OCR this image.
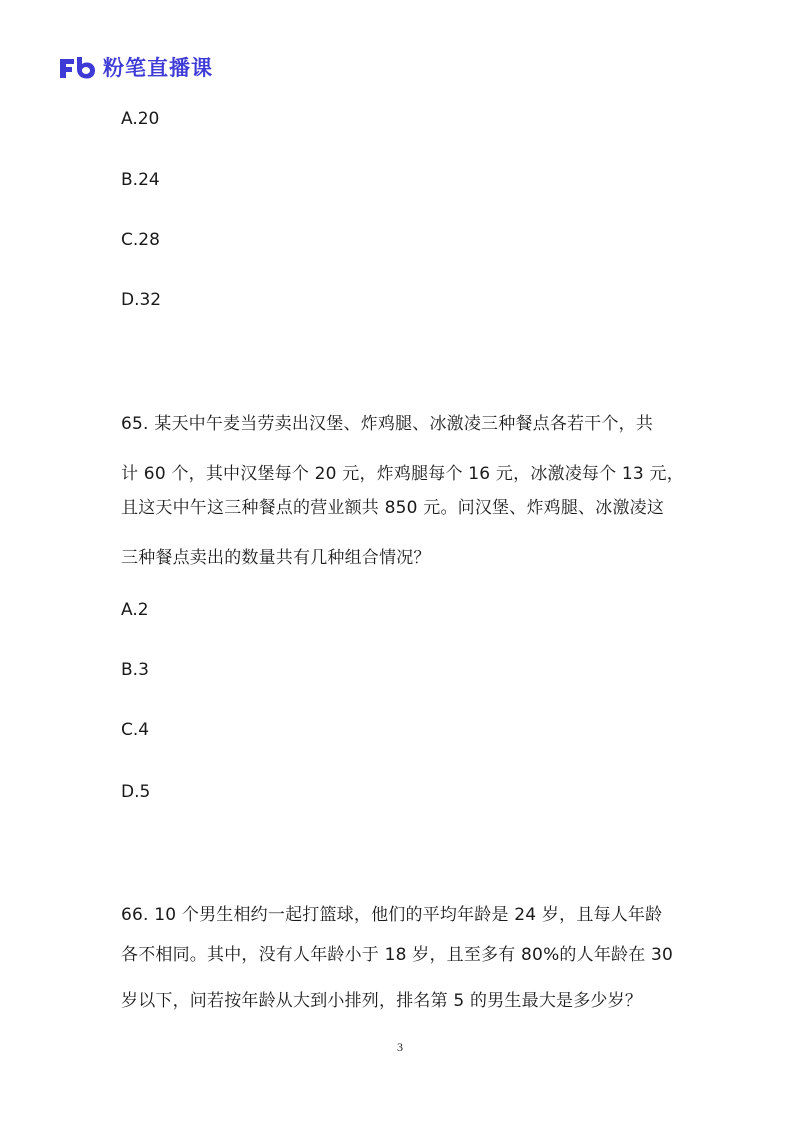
粉笔直播课
A.20
B.24
C.28
D.32
65. 某天中午麦当劳卖出汉堡、炸鸡腿、冰激凌三种餐点各若干个，共
计 60 个，其中汉堡每个 20 元，炸鸡腿每个 16 元，冰激凌每个 13 元，
且这天中午这三种餐点的营业额共 850 元。问汉堡、炸鸡腿、冰激凌这
三种餐点卖出的数量共有几种组合情况？
A.2
B.3
C.4
D.5
66. 10 个男生相约一起打篮球，他们的平均年龄是 24 岁，且每人年龄
各不相同。其中，没有人年龄小于 18 岁，且至多有 80%的人年龄在 30
岁以下，问若按年龄从大到小排列，排名第 5 的男生最大是多少岁？
3
